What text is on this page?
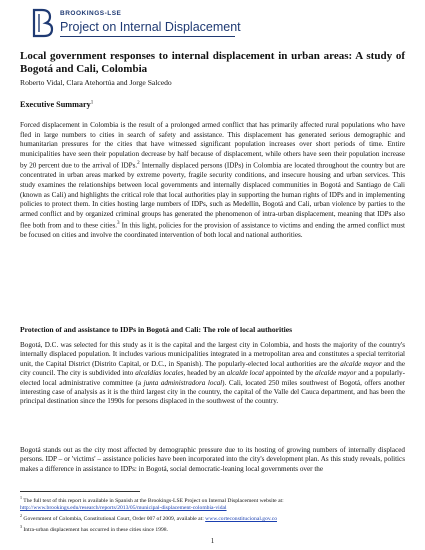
BROOKINGS-LSE
Project on Internal Displacement
Local government responses to internal displacement in urban areas: A study of Bogotá and Cali, Colombia
Roberto Vidal, Clara Atehortúa and Jorge Salcedo
Executive Summary$^1$
Forced displacement in Colombia is the result of a prolonged armed conflict that has primarily affected rural populations who have fled in large numbers to cities in search of safety and assistance. This displacement has generated serious demographic and humanitarian pressures for the cities that have witnessed significant population increases over short periods of time. Entire municipalities have seen their population decrease by half because of displacement, while others have seen their population increase by 20 percent due to the arrival of IDPs.$^2$ Internally displaced persons (IDPs) in Colombia are located throughout the country but are concentrated in urban areas marked by extreme poverty, fragile security conditions, and insecure housing and urban services. This study examines the relationships between local governments and internally displaced communities in Bogotá and Santiago de Cali (known as Cali) and highlights the critical role that local authorities play in supporting the human rights of IDPs and in implementing policies to protect them. In cities hosting large numbers of IDPs, such as Medellín, Bogotá and Cali, urban violence by parties to the armed conflict and by organized criminal groups has generated the phenomenon of intra-urban displacement, meaning that IDPs also flee both from and to these cities.$^3$ In this light, policies for the provision of assistance to victims and ending the armed conflict must be focused on cities and involve the coordinated intervention of both local and national authorities.
Protection of and assistance to IDPs in Bogotá and Cali: The role of local authorities
Bogotá, D.C. was selected for this study as it is the capital and the largest city in Colombia, and hosts the majority of the country's internally displaced population. It includes various municipalities integrated in a metropolitan area and constitutes a special territorial unit, the Capital District (Distrito Capital, or D.C., in Spanish). The popularly-elected local authorities are the alcalde mayor and the city council. The city is subdivided into alcaldías locales, headed by an alcalde local appointed by the alcalde mayor and a popularly-elected local administrative committee (a junta administradora local). Cali, located 250 miles southwest of Bogotá, offers another interesting case of analysis as it is the third largest city in the country, the capital of the Valle del Cauca department, and has been the principal destination since the 1990s for persons displaced in the southwest of the country.
Bogotá stands out as the city most affected by demographic pressure due to its hosting of growing numbers of internally displaced persons. IDP – or 'victims' – assistance policies have been incorporated into the city's development plan. As this study reveals, politics makes a difference in assistance to IDPs: in Bogotá, social democratic-leaning local governments over the
$^1$ The full text of this report is available in Spanish at the Brookings-LSE Project on Internal Displacement website at: http://www.brookings.edu/research/reports/2013/05/municipal-displacement-colombia-vidal
$^2$ Government of Colombia, Constitutional Court, Order 007 of 2009, available at: www.corteconstitucional.gov.co
$^3$ Intra-urban displacement has occurred in these cities since 1998.
1
